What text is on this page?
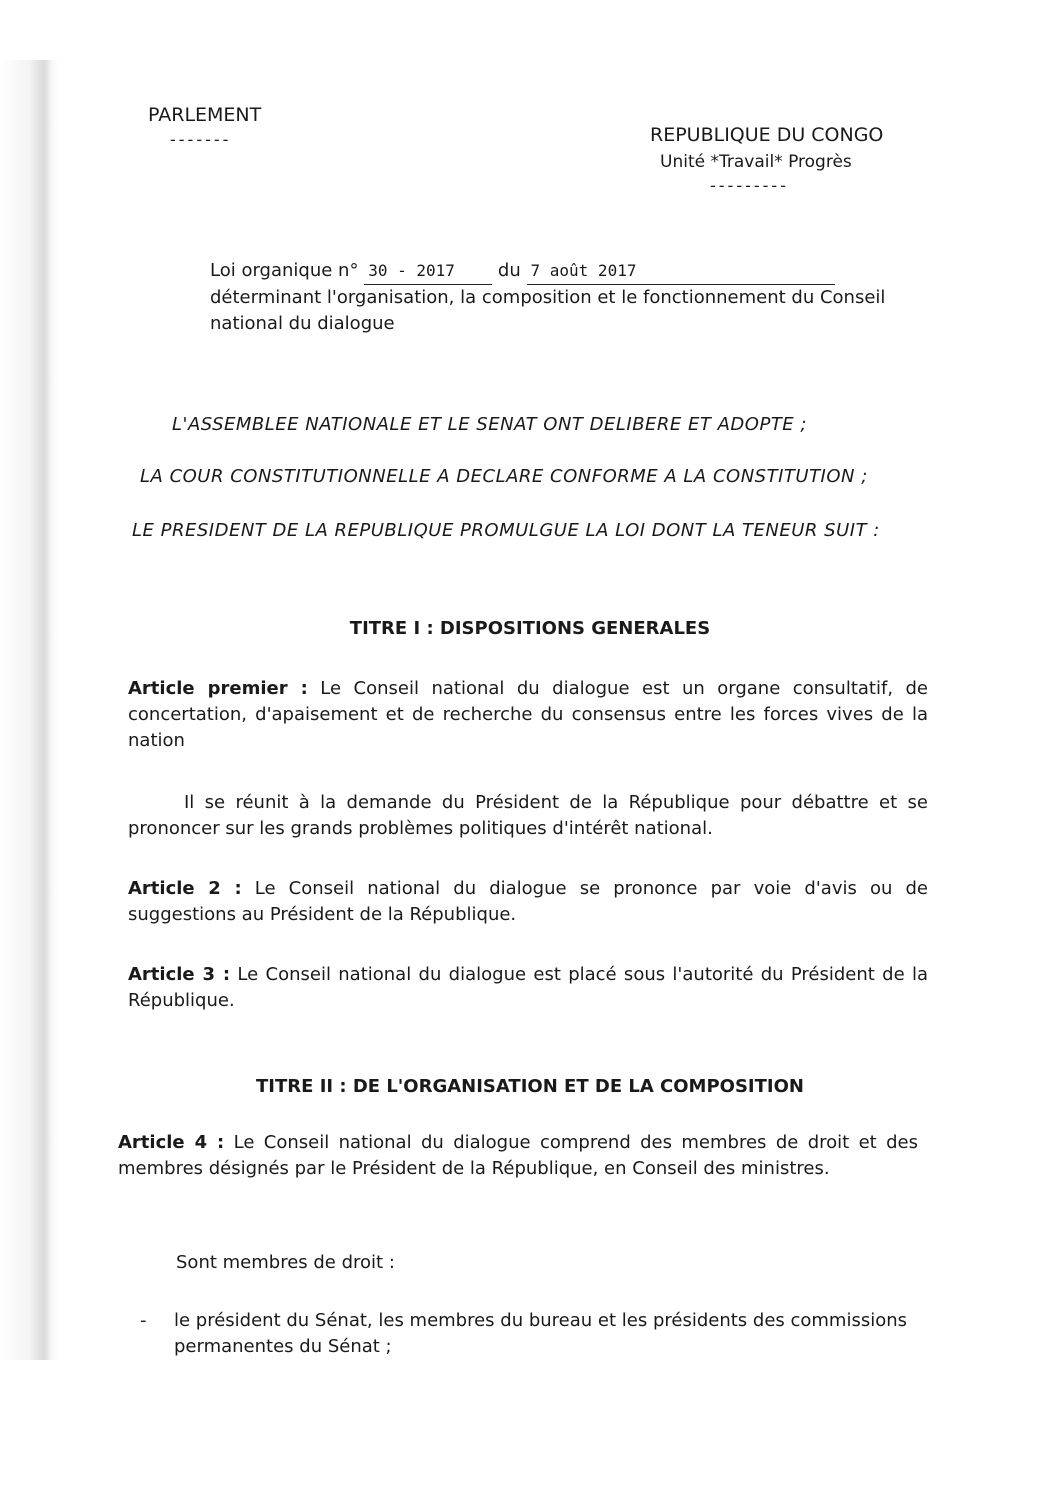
PARLEMENT
-------	REPUBLIQUE DU CONGO
Unité *Travail* Progrès
---------
Loi organique n° 30 - 2017 du 7 août 2017
déterminant l'organisation, la composition et le fonctionnement du Conseil national du dialogue
L'ASSEMBLEE NATIONALE ET LE SENAT ONT DELIBERE ET ADOPTE ;
LA COUR CONSTITUTIONNELLE A DECLARE CONFORME A LA CONSTITUTION ;
LE PRESIDENT DE LA REPUBLIQUE PROMULGUE LA LOI DONT LA TENEUR SUIT :
TITRE I : DISPOSITIONS GENERALES
Article premier : Le Conseil national du dialogue est un organe consultatif, de concertation, d'apaisement et de recherche du consensus entre les forces vives de la nation
Il se réunit à la demande du Président de la République pour débattre et se prononcer sur les grands problèmes politiques d'intérêt national.
Article 2 : Le Conseil national du dialogue se prononce par voie d'avis ou de suggestions au Président de la République.
Article 3 : Le Conseil national du dialogue est placé sous l'autorité du Président de la République.
TITRE II : DE L'ORGANISATION ET DE LA COMPOSITION
Article 4 : Le Conseil national du dialogue comprend des membres de droit et des membres désignés par le Président de la République, en Conseil des ministres.
Sont membres de droit :
- le président du Sénat, les membres du bureau et les présidents des commissions permanentes du Sénat ;
